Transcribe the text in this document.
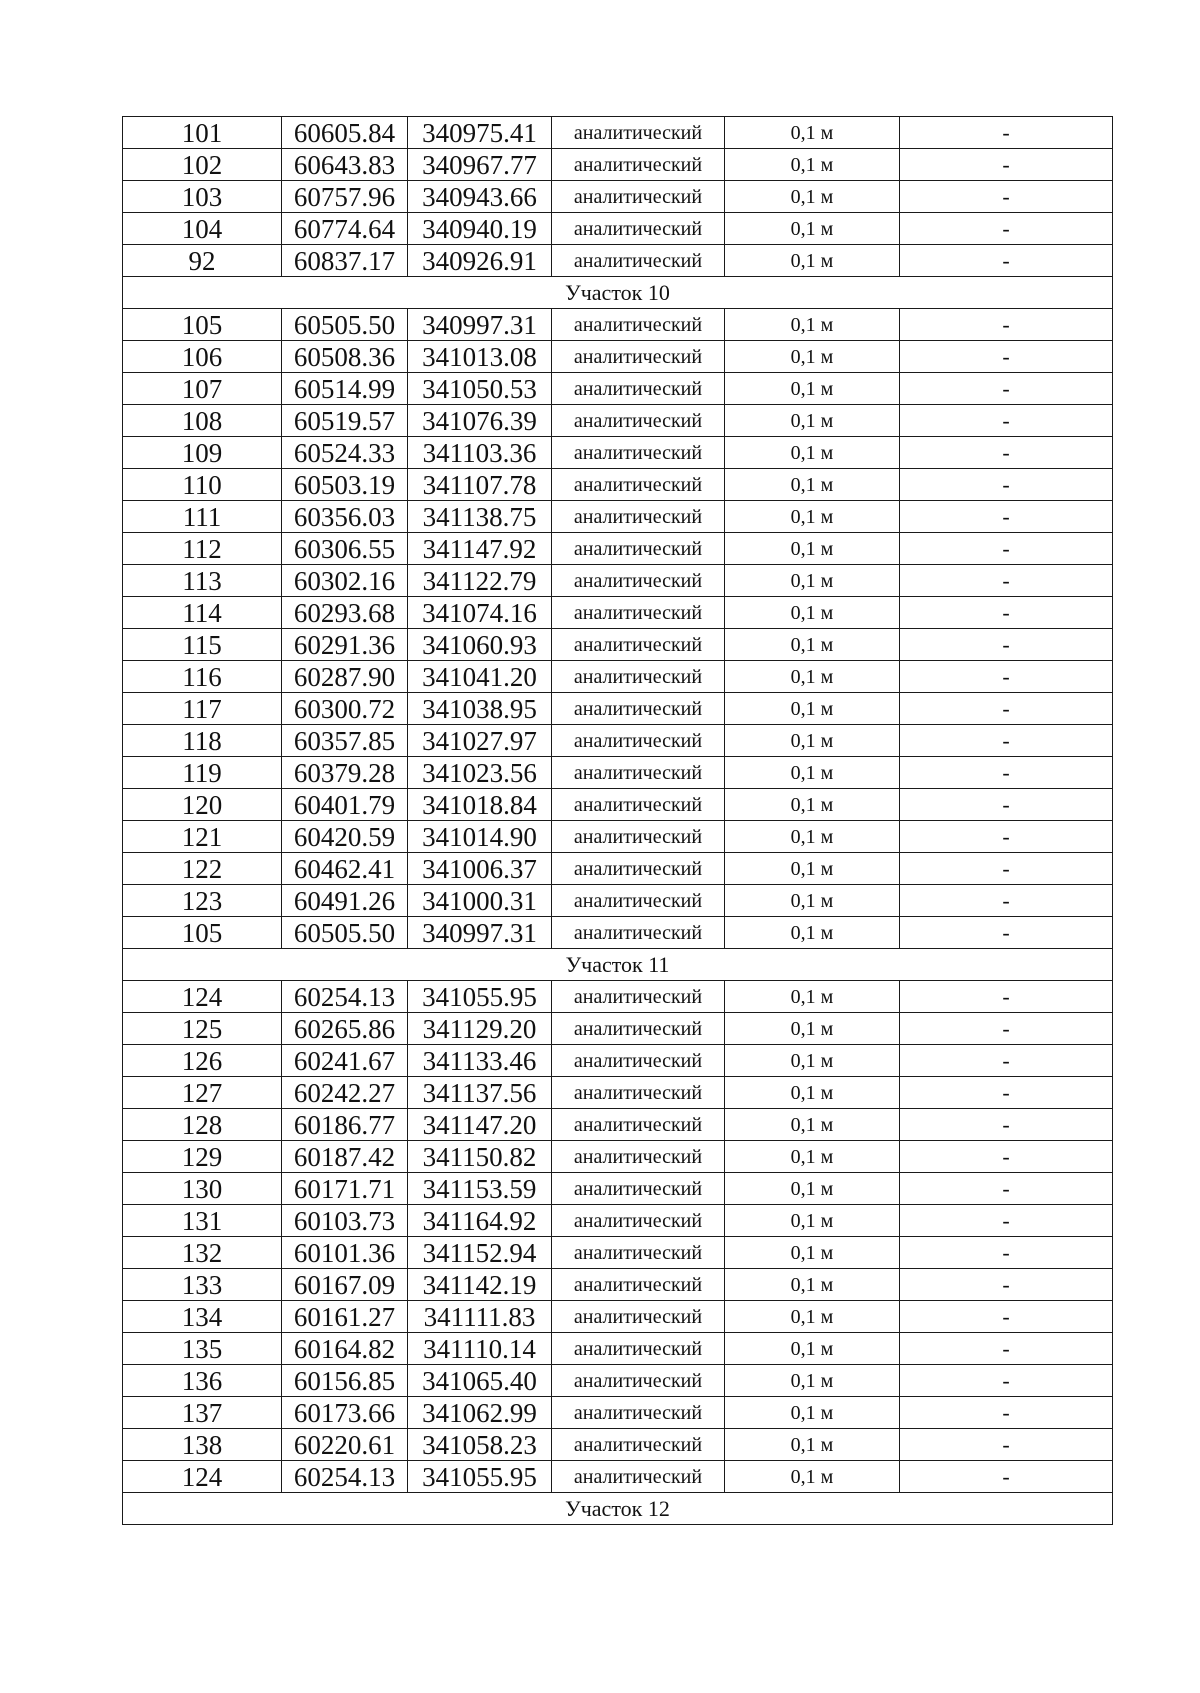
101	60605.84	340975.41	аналитический	0,1 м	-
102	60643.83	340967.77	аналитический	0,1 м	-
103	60757.96	340943.66	аналитический	0,1 м	-
104	60774.64	340940.19	аналитический	0,1 м	-
92	60837.17	340926.91	аналитический	0,1 м	-
Участок 10					
105	60505.50	340997.31	аналитический	0,1 м	-
106	60508.36	341013.08	аналитический	0,1 м	-
107	60514.99	341050.53	аналитический	0,1 м	-
108	60519.57	341076.39	аналитический	0,1 м	-
109	60524.33	341103.36	аналитический	0,1 м	-
110	60503.19	341107.78	аналитический	0,1 м	-
111	60356.03	341138.75	аналитический	0,1 м	-
112	60306.55	341147.92	аналитический	0,1 м	-
113	60302.16	341122.79	аналитический	0,1 м	-
114	60293.68	341074.16	аналитический	0,1 м	-
115	60291.36	341060.93	аналитический	0,1 м	-
116	60287.90	341041.20	аналитический	0,1 м	-
117	60300.72	341038.95	аналитический	0,1 м	-
118	60357.85	341027.97	аналитический	0,1 м	-
119	60379.28	341023.56	аналитический	0,1 м	-
120	60401.79	341018.84	аналитический	0,1 м	-
121	60420.59	341014.90	аналитический	0,1 м	-
122	60462.41	341006.37	аналитический	0,1 м	-
123	60491.26	341000.31	аналитический	0,1 м	-
105	60505.50	340997.31	аналитический	0,1 м	-
Участок 11					
124	60254.13	341055.95	аналитический	0,1 м	-
125	60265.86	341129.20	аналитический	0,1 м	-
126	60241.67	341133.46	аналитический	0,1 м	-
127	60242.27	341137.56	аналитический	0,1 м	-
128	60186.77	341147.20	аналитический	0,1 м	-
129	60187.42	341150.82	аналитический	0,1 м	-
130	60171.71	341153.59	аналитический	0,1 м	-
131	60103.73	341164.92	аналитический	0,1 м	-
132	60101.36	341152.94	аналитический	0,1 м	-
133	60167.09	341142.19	аналитический	0,1 м	-
134	60161.27	341111.83	аналитический	0,1 м	-
135	60164.82	341110.14	аналитический	0,1 м	-
136	60156.85	341065.40	аналитический	0,1 м	-
137	60173.66	341062.99	аналитический	0,1 м	-
138	60220.61	341058.23	аналитический	0,1 м	-
124	60254.13	341055.95	аналитический	0,1 м	-
Участок 12					
